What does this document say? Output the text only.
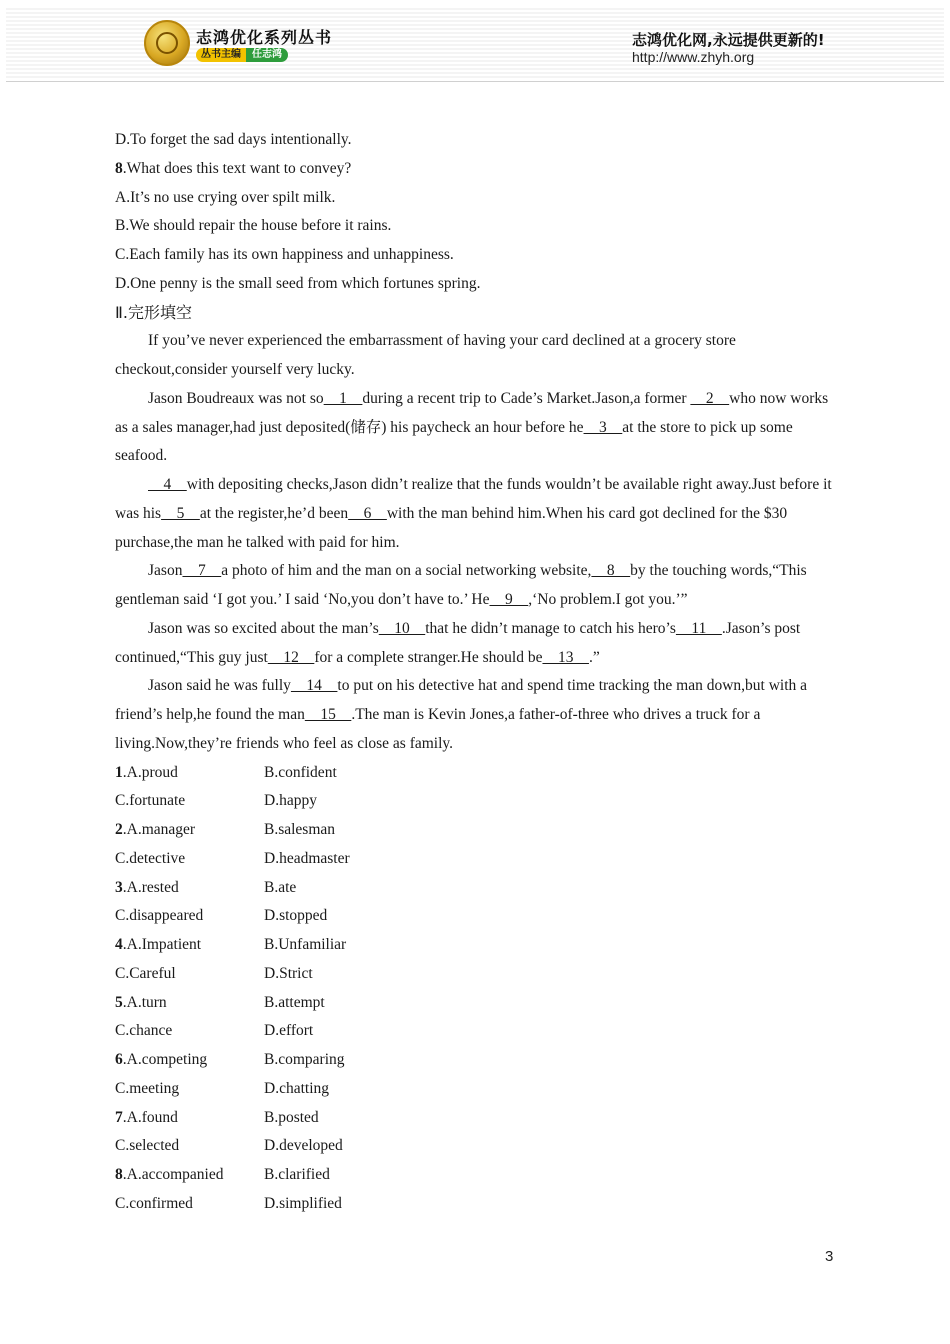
志鸿优化系列丛书
丛书主编	任志鸿
志鸿优化网,永远提供更新的!
http://www.zhyh.org
D.To forget the sad days intentionally.
8.What does this text want to convey?
A.It’s no use crying over spilt milk.
B.We should repair the house before it rains.
C.Each family has its own happiness and unhappiness.
D.One penny is the small seed from which fortunes spring.
Ⅱ.完形填空
If you’ve never experienced the embarrassment of having your card declined at a grocery store checkout,consider yourself very lucky.
Jason Boudreaux was not so    1    during a recent trip to Cade’s Market.Jason,a former     2    who now works as a sales manager,had just deposited(储存) his paycheck an hour before he    3    at the store to pick up some seafood.
4    with depositing checks,Jason didn’t realize that the funds wouldn’t be available right away.Just before it was his    5    at the register,he’d been    6    with the man behind him.When his card got declined for the $30 purchase,the man he talked with paid for him.
Jason    7    a photo of him and the man on a social networking website,    8    by the touching words,“This gentleman said ‘I got you.’ I said ‘No,you don’t have to.’ He    9    ,‘No problem.I got you.’”
Jason was so excited about the man’s    10    that he didn’t manage to catch his hero’s    11    .Jason’s post continued,“This guy just    12    for a complete stranger.He should be    13    .”
Jason said he was fully    14    to put on his detective hat and spend time tracking the man down,but with a friend’s help,he found the man    15    .The man is Kevin Jones,a father-of-three who drives a truck for a living.Now,they’re friends who feel as close as family.
1.A.proud	B.confident
C.fortunate	D.happy
2.A.manager	B.salesman
C.detective	D.headmaster
3.A.rested	B.ate
C.disappeared	D.stopped
4.A.Impatient	B.Unfamiliar
C.Careful	D.Strict
5.A.turn	B.attempt
C.chance	D.effort
6.A.competing	B.comparing
C.meeting	D.chatting
7.A.found	B.posted
C.selected	D.developed
8.A.accompanied	B.clarified
C.confirmed	D.simplified
3
